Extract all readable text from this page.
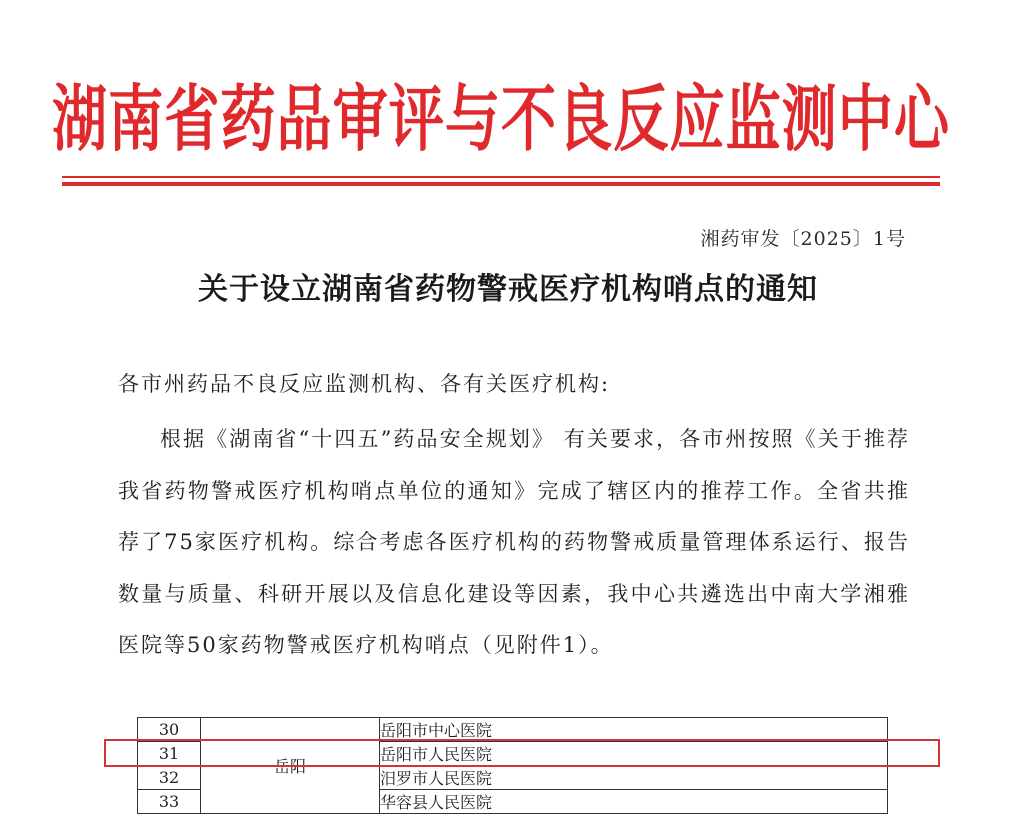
湖南省药品审评与不良反应监测中心
湘药审发〔2025〕1号
关于设立湖南省药物警戒医疗机构哨点的通知
各市州药品不良反应监测机构、各有关医疗机构:
根据《湖南省“十四五”药品安全规划》 有关要求，各市州按照《关于推荐我省药物警戒医疗机构哨点单位的通知》完成了辖区内的推荐工作。全省共推荐了75家医疗机构。综合考虑各医疗机构的药物警戒质量管理体系运行、报告数量与质量、科研开展以及信息化建设等因素，我中心共遴选出中南大学湘雅医院等50家药物警戒医疗机构哨点（见附件1）。
30	岳阳	岳阳市中心医院
31		岳阳市人民医院
32		汨罗市人民医院
33		华容县人民医院
